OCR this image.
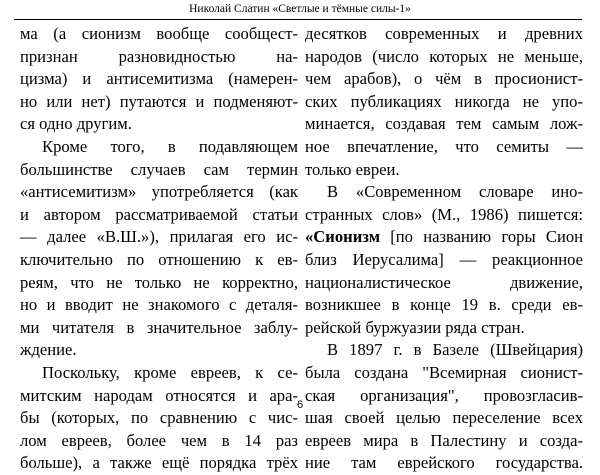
Николай Слатин «Светлые и тёмные силы-1»
ма (а сионизм вообще сообщест-
признан разновидностью на-
цизма) и антисемитизма (намерен-
но или нет) путаются и подменяют-
ся одно другим.
Кроме того, в подавляющем
большинстве случаев сам термин
«антисемитизм» употребляется (как
и автором рассматриваемой статьи
— далее «В.Ш.»), прилагая его ис-
ключительно по отношению к ев-
реям, что не только не корректно,
но и вводит не знакомого с деталя-
ми читателя в значительное заблу-
ждение.
Поскольку, кроме евреев, к се-
митским народам относятся и ара-
бы (которых, по сравнению с чис-
лом евреев, более чем в 14 раз
больше), а также ещё порядка трёх
десятков современных и древних
народов (число которых не меньше,
чем арабов), о чём в просионист-
ских публикациях никогда не упо-
минается, создавая тем самым лож-
ное впечатление, что семиты —
только евреи.
В «Современном словаре ино-
странных слов» (М., 1986) пишется:
«Сионизм [по названию горы Сион
близ Иерусалима] — реакционное
националистическое движение,
возникшее в конце 19 в. среди ев-
рейской буржуазии ряда стран.
В 1897 г. в Базеле (Швейцария)
была создана "Всемирная сионист-
ская организация", провозгласив-
шая своей целью переселение всех
евреев мира в Палестину и созда-
ние там еврейского государства.
6
